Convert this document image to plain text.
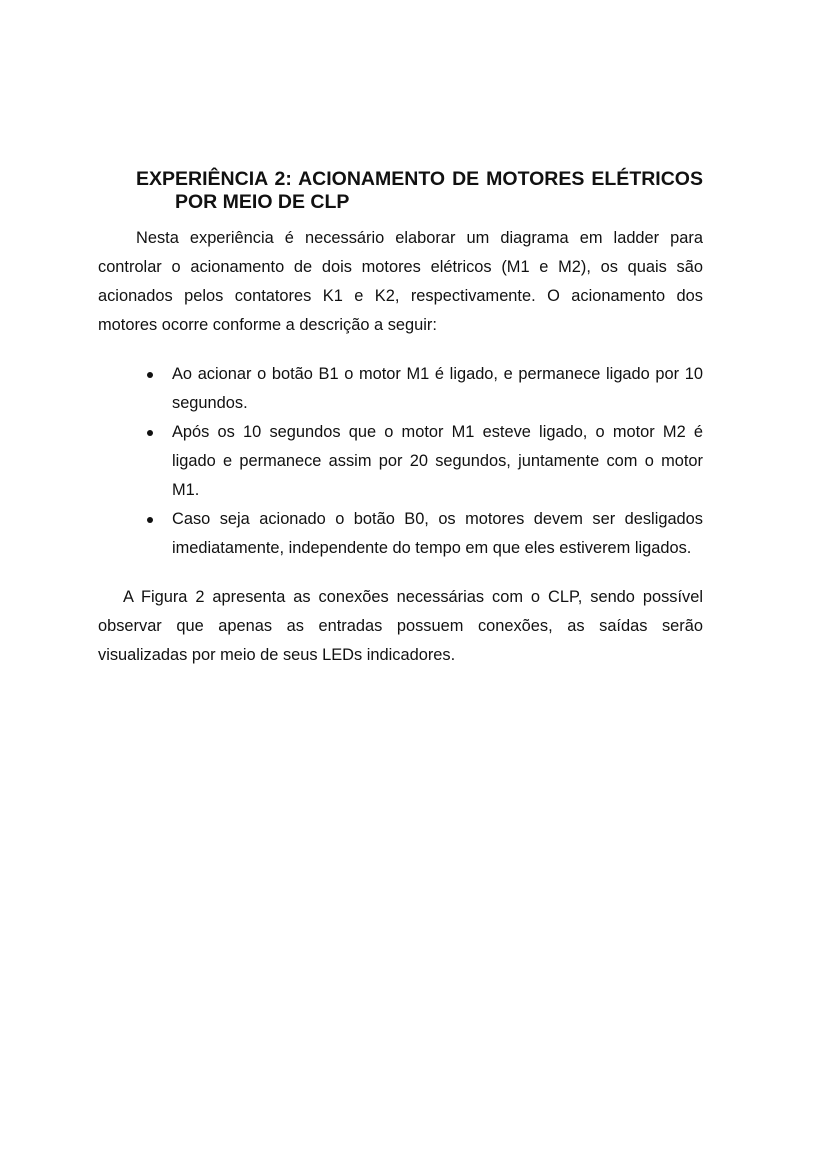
EXPERIÊNCIA 2: ACIONAMENTO DE MOTORES ELÉTRICOS
POR MEIO DE CLP

Nesta experiência é necessário elaborar um diagrama em ladder para controlar o acionamento de dois motores elétricos (M1 e M2), os quais são acionados pelos contatores K1 e K2, respectivamente. O acionamento dos motores ocorre conforme a descrição a seguir:

Ao acionar o botão B1 o motor M1 é ligado, e permanece ligado por 10 segundos.
Após os 10 segundos que o motor M1 esteve ligado, o motor M2 é ligado e permanece assim por 20 segundos, juntamente com o motor M1.
Caso seja acionado o botão B0, os motores devem ser desligados imediatamente, independente do tempo em que eles estiverem ligados.

A Figura 2 apresenta as conexões necessárias com o CLP, sendo possível observar que apenas as entradas possuem conexões, as saídas serão visualizadas por meio de seus LEDs indicadores.
